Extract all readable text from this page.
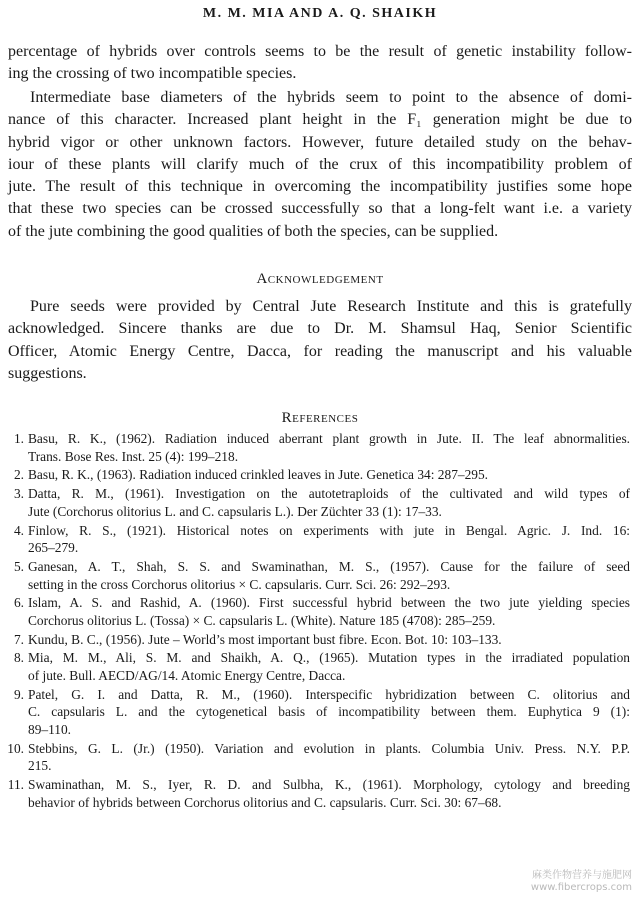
M. M. MIA AND A. Q. SHAIKH
percentage of hybrids over controls seems to be the result of genetic instability follow-
ing the crossing of two incompatible species.
Intermediate base diameters of the hybrids seem to point to the absence of domi-
nance of this character. Increased plant height in the F₁ generation might be due to
hybrid vigor or other unknown factors. However, future detailed study on the behav-
iour of these plants will clarify much of the crux of this incompatibility problem of
jute. The result of this technique in overcoming the incompatibility justifies some hope
that these two species can be crossed successfully so that a long-felt want i.e. a variety
of the jute combining the good qualities of both the species, can be supplied.
Acknowledgement
Pure seeds were provided by Central Jute Research Institute and this is gratefully
acknowledged. Sincere thanks are due to Dr. M. Shamsul Haq, Senior Scientific
Officer, Atomic Energy Centre, Dacca, for reading the manuscript and his valuable
suggestions.
References
1. Basu, R. K., (1962). Radiation induced aberrant plant growth in Jute. II. The leaf abnormalities.
Trans. Bose Res. Inst. 25 (4): 199–218.
2. Basu, R. K., (1963). Radiation induced crinkled leaves in Jute. Genetica 34: 287–295.
3. Datta, R. M., (1961). Investigation on the autotetraploids of the cultivated and wild types of
Jute (Corchorus olitorius L. and C. capsularis L.). Der Züchter 33 (1): 17–33.
4. Finlow, R. S., (1921). Historical notes on experiments with jute in Bengal. Agric. J. Ind. 16:
265–279.
5. Ganesan, A. T., Shah, S. S. and Swaminathan, M. S., (1957). Cause for the failure of seed
setting in the cross Corchorus olitorius × C. capsularis. Curr. Sci. 26: 292–293.
6. Islam, A. S. and Rashid, A. (1960). First successful hybrid between the two jute yielding species
Corchorus olitorius L. (Tossa) × C. capsularis L. (White). Nature 185 (4708): 285–259.
7. Kundu, B. C., (1956). Jute – World’s most important bust fibre. Econ. Bot. 10: 103–133.
8. Mia, M. M., Ali, S. M. and Shaikh, A. Q., (1965). Mutation types in the irradiated population
of jute. Bull. AECD/AG/14. Atomic Energy Centre, Dacca.
9. Patel, G. I. and Datta, R. M., (1960). Interspecific hybridization between C. olitorius and
C. capsularis L. and the cytogenetical basis of incompatibility between them. Euphytica 9 (1):
89–110.
10. Stebbins, G. L. (Jr.) (1950). Variation and evolution in plants. Columbia Univ. Press. N.Y. P.P.
215.
11. Swaminathan, M. S., Iyer, R. D. and Sulbha, K., (1961). Morphology, cytology and breeding
behavior of hybrids between Corchorus olitorius and C. capsularis. Curr. Sci. 30: 67–68.
麻类作物营养与施肥网
www.fibercrops.com
